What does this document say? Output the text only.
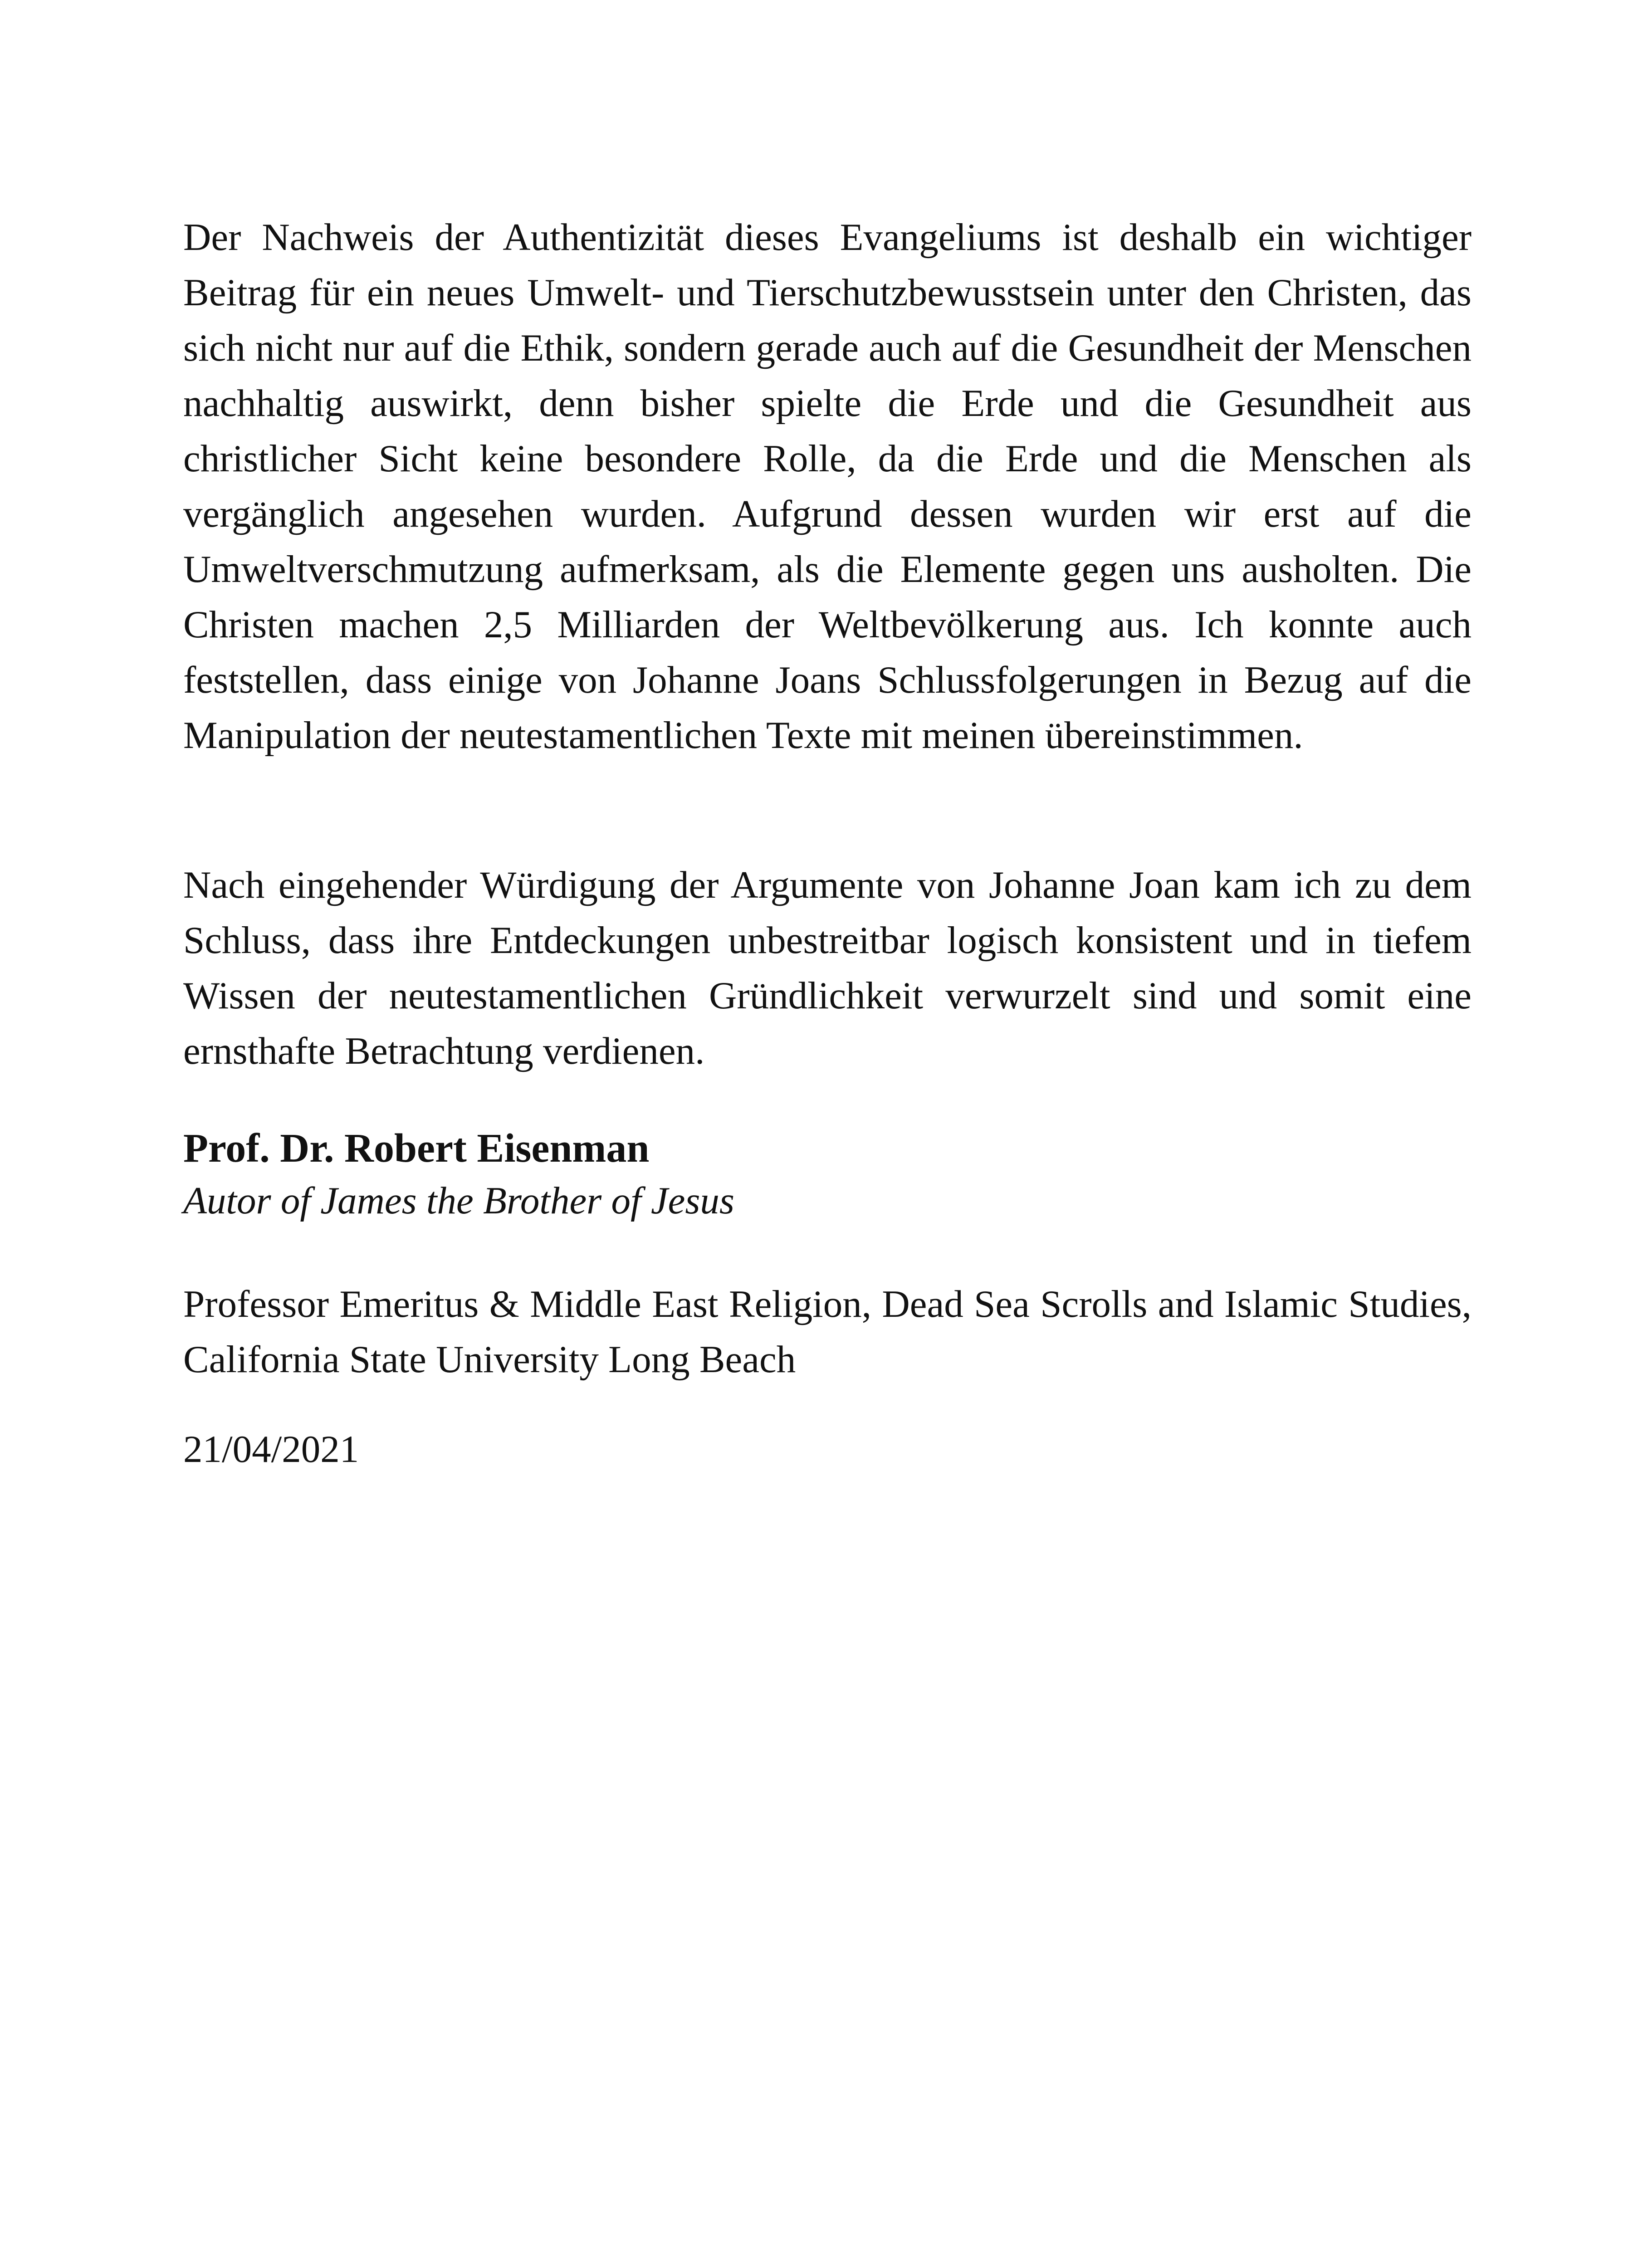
Der Nachweis der Authentizität dieses Evangeliums ist deshalb ein wichtiger Beitrag für ein neues Umwelt- und Tierschutzbewusstsein unter den Christen, das sich nicht nur auf die Ethik, sondern gerade auch auf die Gesundheit der Menschen nachhaltig auswirkt, denn bisher spielte die Erde und die Gesundheit aus christlicher Sicht keine besondere Rolle, da die Erde und die Menschen als vergänglich angesehen wurden. Aufgrund dessen wurden wir erst auf die Umweltverschmutzung aufmerksam, als die Elemente gegen uns ausholten. Die Christen machen 2,5 Milliarden der Weltbevölkerung aus. Ich konnte auch feststellen, dass einige von Johanne Joans Schlussfolgerungen in Bezug auf die Manipulation der neutestamentlichen Texte mit meinen übereinstimmen.

Nach eingehender Würdigung der Argumente von Johanne Joan kam ich zu dem Schluss, dass ihre Entdeckungen unbestreitbar logisch konsistent und in tiefem Wissen der neutestamentlichen Gründlichkeit verwurzelt sind und somit eine ernsthafte Betrachtung verdienen.

Prof. Dr. Robert Eisenman

Autor of James the Brother of Jesus

Professor Emeritus & Middle East Religion, Dead Sea Scrolls and Islamic Studies, California State University Long Beach

21/04/2021
